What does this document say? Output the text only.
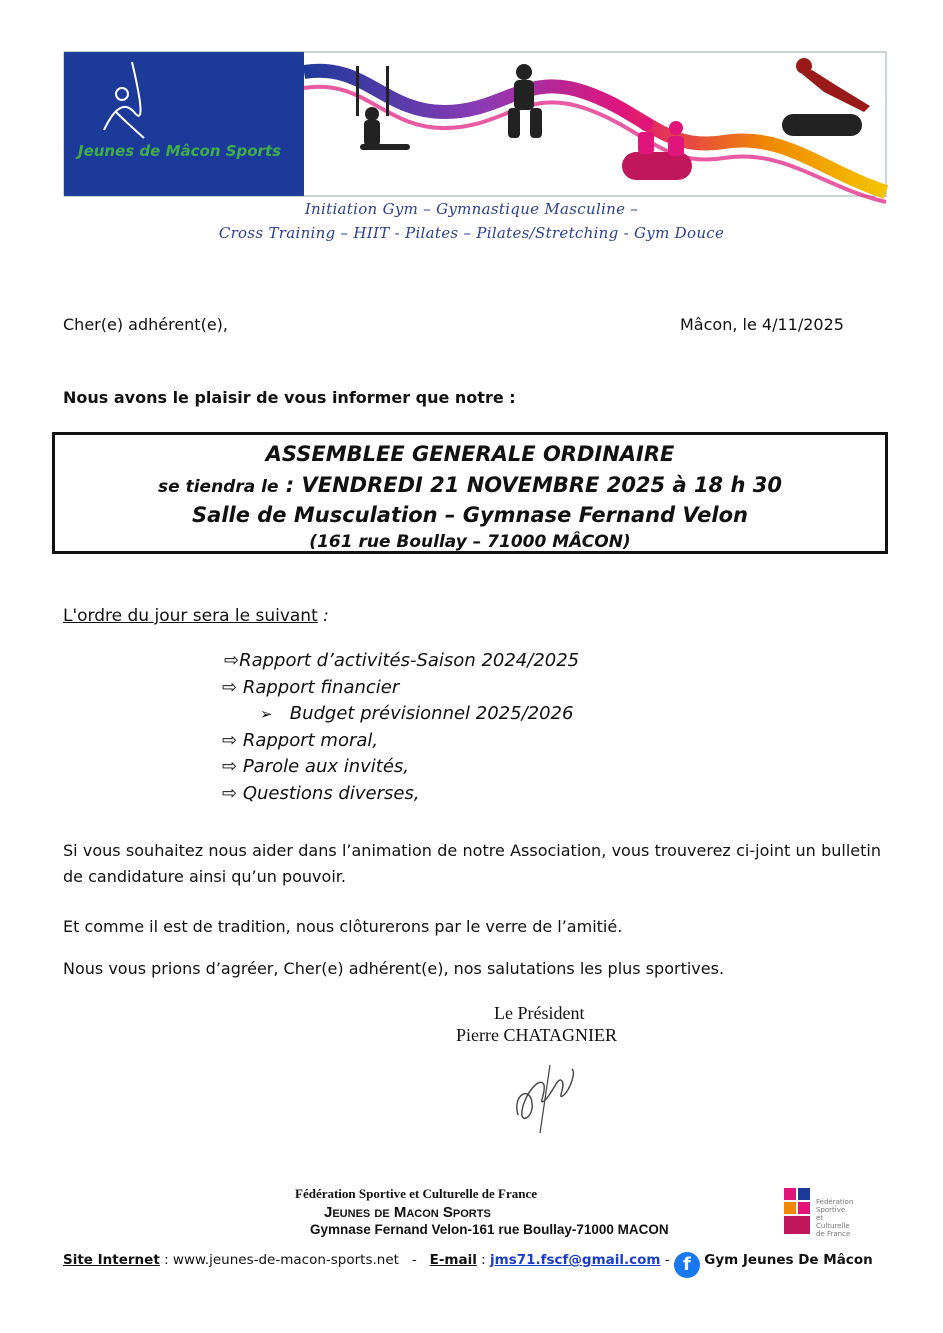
Jeunes de Mâcon Sports
Initiation Gym – Gymnastique Masculine –
Cross Training – HIIT - Pilates – Pilates/Stretching - Gym Douce
Cher(e) adhérent(e),	Mâcon, le 4/11/2025
Nous avons le plaisir de vous informer que notre :
ASSEMBLEE GENERALE ORDINAIRE
se tiendra le : VENDREDI 21 NOVEMBRE 2025 à 18 h 30
Salle de Musculation – Gymnase Fernand Velon
(161 rue Boullay – 71000 MÂCON)
L'ordre du jour sera le suivant :
⇨Rapport d’activités-Saison 2024/2025
⇨ Rapport financier
➢ Budget prévisionnel 2025/2026
⇨ Rapport moral,
⇨ Parole aux invités,
⇨ Questions diverses,
Si vous souhaitez nous aider dans l’animation de notre Association, vous trouverez ci-joint un bulletin de candidature ainsi qu’un pouvoir.
Et comme il est de tradition, nous clôturerons par le verre de l’amitié.
Nous vous prions d’agréer, Cher(e) adhérent(e), nos salutations les plus sportives.
Le Président
Pierre CHATAGNIER
Fédération Sportive et Culturelle de France
Jeunes de Macon Sports
Gymnase Fernand Velon-161 rue Boullay-71000 MACON
Fédération Sportive et Culturelle de France
Site Internet : www.jeunes-de-macon-sports.net   -   E-mail : jms71.fscf@gmail.com - f Gym Jeunes De Mâcon
